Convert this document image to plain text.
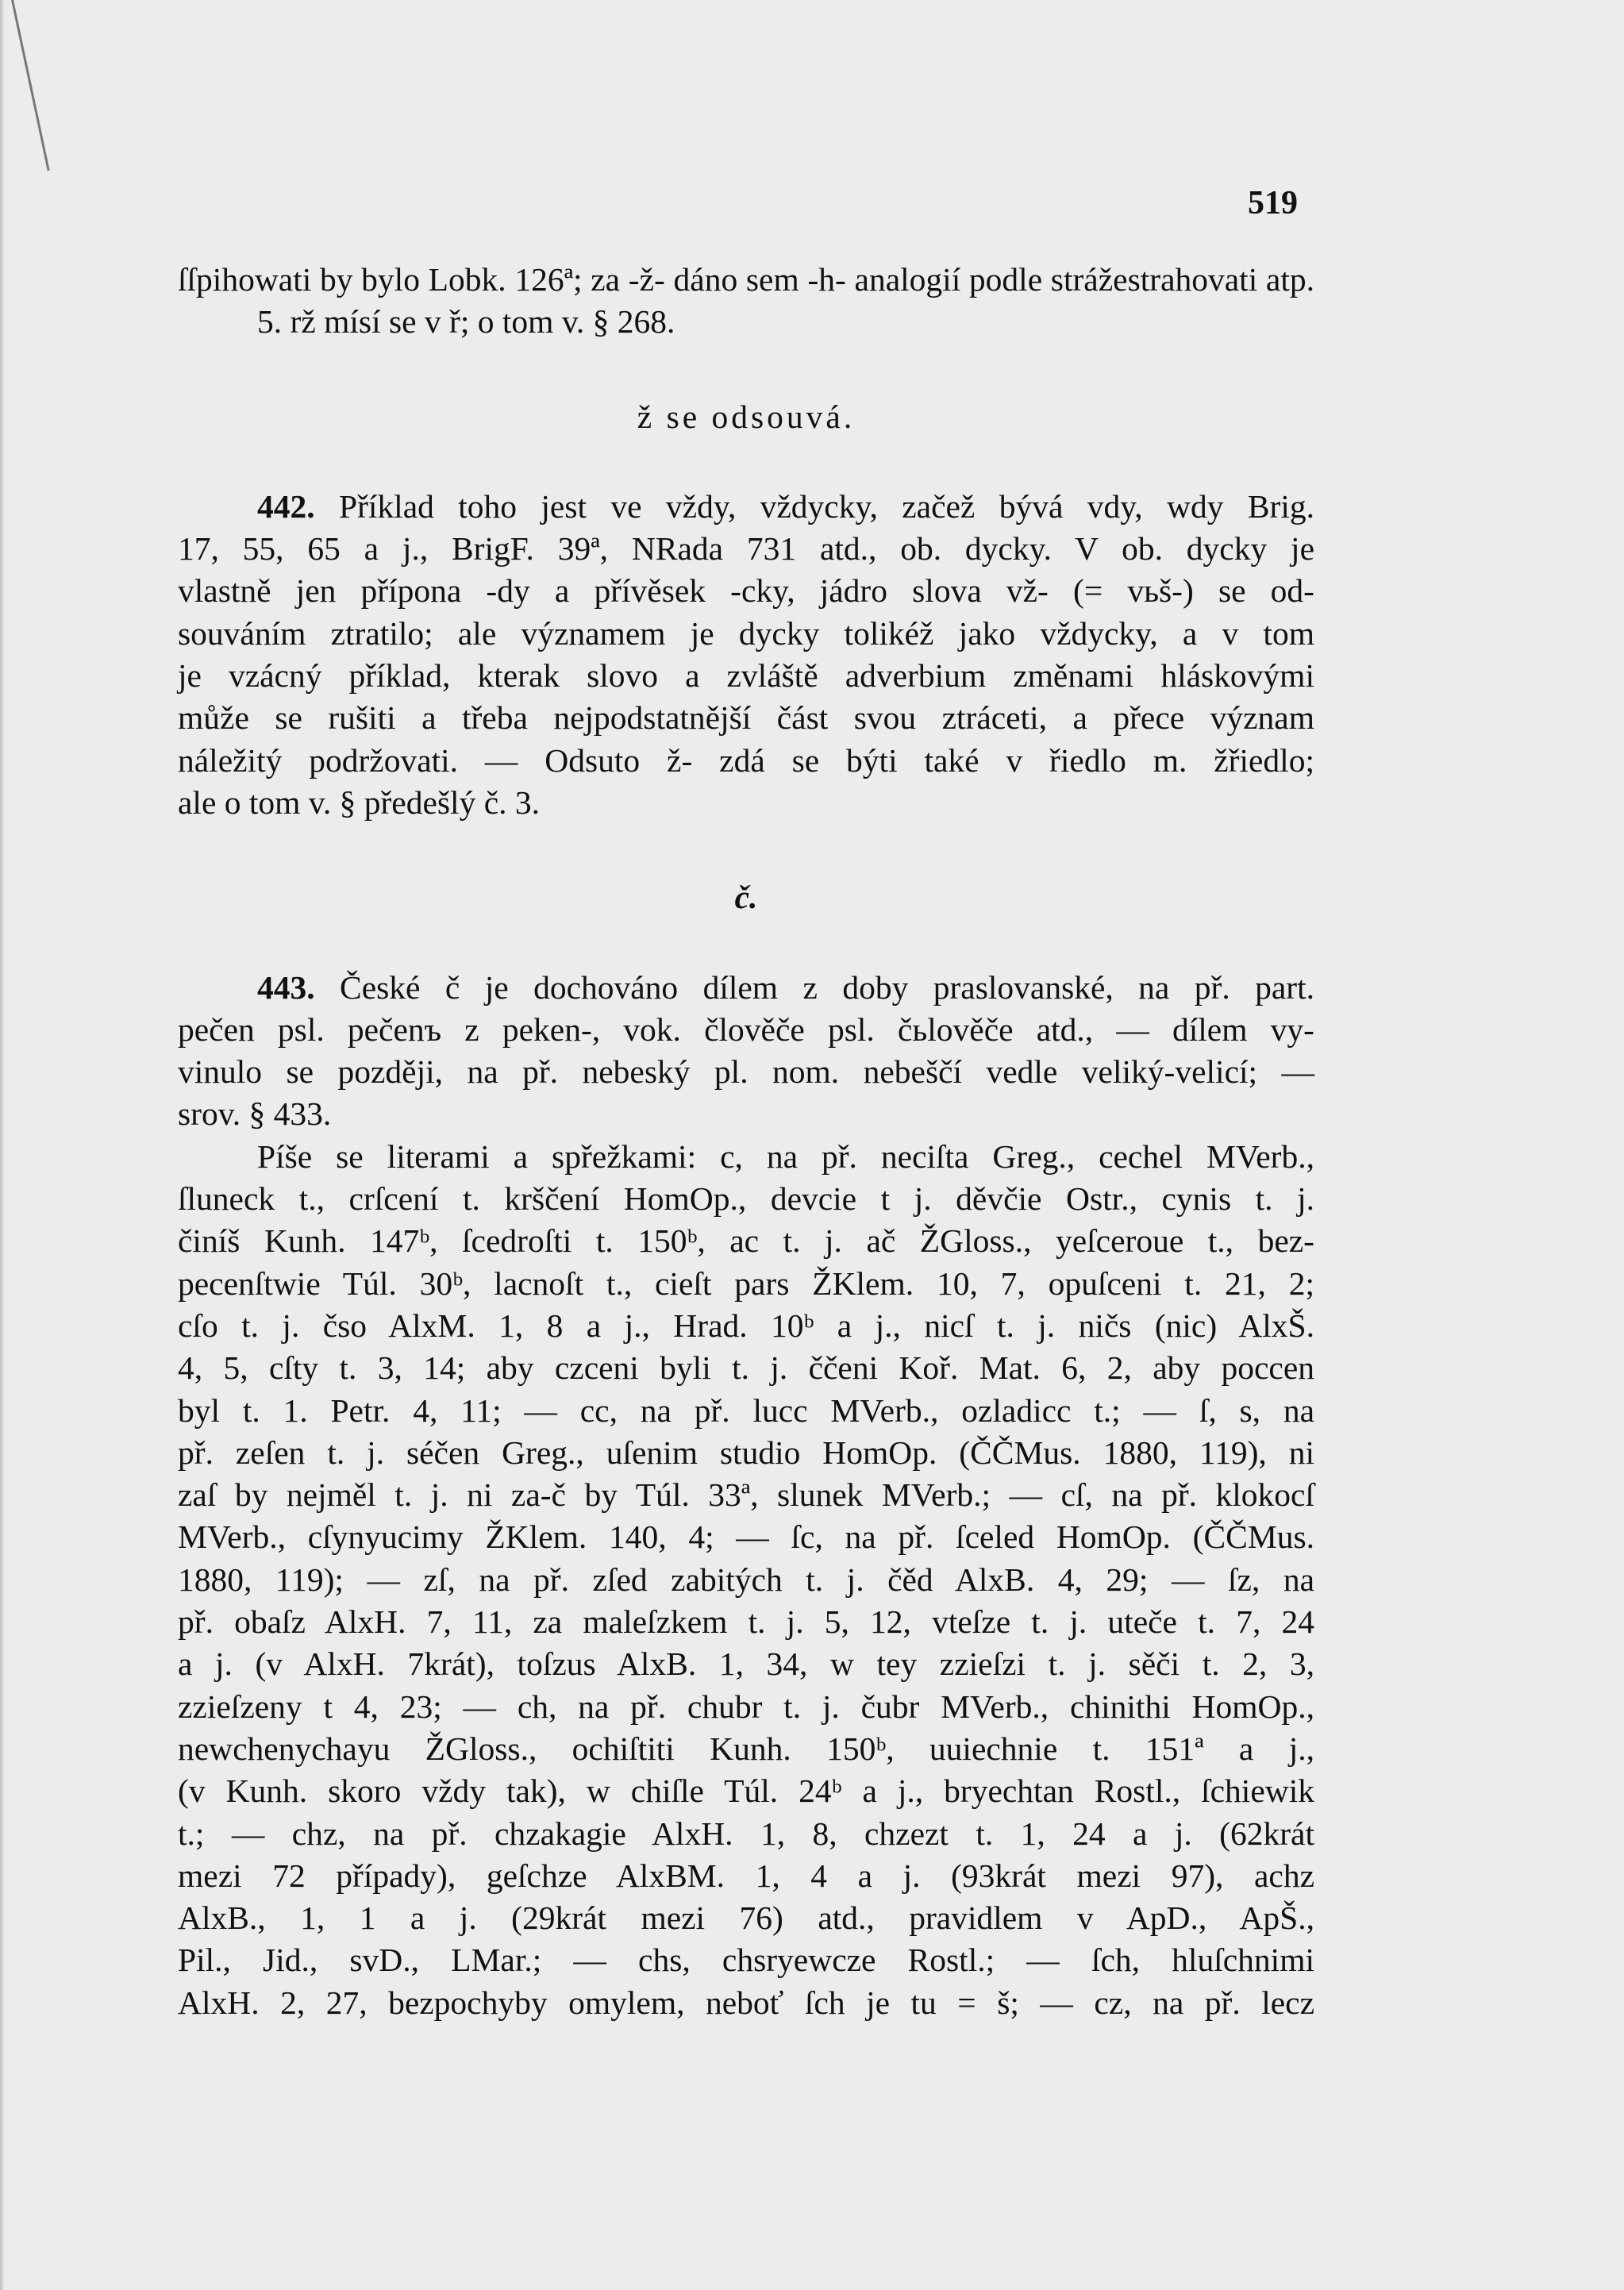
519
ſſpihowati by bylo Lobk. 126ª; za -ž- dáno sem -h- analogií podle strážestrahovati atp.
5. rž mísí se v ř; o tom v. § 268.
ž se odsouvá.
442. Příklad toho jest ve vždy, vždycky, začež bývá vdy, wdy Brig.
17, 55, 65 a j., BrigF. 39ª, NRada 731 atd., ob. dycky. V ob. dycky je
vlastně jen přípona -dy a přívěsek -cky, jádro slova vž- (= vьš-) se od-
souváním ztratilo; ale významem je dycky tolikéž jako vždycky, a v tom
je vzácný příklad, kterak slovo a zvláště adverbium změnami hláskovými
může se rušiti a třeba nejpodstatnější část svou ztráceti, a přece význam
náležitý podržovati. — Odsuto ž- zdá se býti také v řiedlo m. žřiedlo;
ale o tom v. § předešlý č. 3.
č.
443. České č je dochováno dílem z doby praslovanské, na př. part.
pečen psl. pečenъ z peken-, vok. člověče psl. čьlověče atd., — dílem vy-
vinulo se později, na př. nebeský pl. nom. nebeščí vedle veliký-velicí; —
srov. § 433.
Píše se literami a spřežkami: c, na př. neciſta Greg., cechel MVerb.,
ſluneck t., crſcení t. krščení HomOp., devcie t j. děvčie Ostr., cynis t. j.
činíš Kunh. 147ᵇ, ſcedroſti t. 150ᵇ, ac t. j. ač ŽGloss., yeſceroue t., bez-
pecenſtwie Túl. 30ᵇ, lacnoſt t., cieſt pars ŽKlem. 10, 7, opuſceni t. 21, 2;
cſo t. j. čso AlxM. 1, 8 a j., Hrad. 10ᵇ a j., nicſ t. j. ničs (nic) AlxŠ.
4, 5, cſty t. 3, 14; aby czceni byli t. j. ččeni Koř. Mat. 6, 2, aby poccen
byl t. 1. Petr. 4, 11; — cc, na př. lucc MVerb., ozladicc t.; — ſ, s, na
př. zeſen t. j. séčen Greg., uſenim studio HomOp. (ČČMus. 1880, 119), ni
zaſ by nejměl t. j. ni za-č by Túl. 33ª, slunek MVerb.; — cſ, na př. klokocſ
MVerb., cſynyucimy ŽKlem. 140, 4; — ſc, na př. ſceled HomOp. (ČČMus.
1880, 119); — zſ, na př. zſed zabitých t. j. čěd AlxB. 4, 29; — ſz, na
př. obaſz AlxH. 7, 11, za maleſzkem t. j. 5, 12, vteſze t. j. uteče t. 7, 24
a j. (v AlxH. 7krát), toſzus AlxB. 1, 34, w tey zzieſzi t. j. sěči t. 2, 3,
zzieſzeny t 4, 23; — ch, na př. chubr t. j. čubr MVerb., chinithi HomOp.,
newchenychayu ŽGloss., ochiſtiti Kunh. 150ᵇ, uuiechnie t. 151ª a j.,
(v Kunh. skoro vždy tak), w chiſle Túl. 24ᵇ a j., bryechtan Rostl., ſchiewik
t.; — chz, na př. chzakagie AlxH. 1, 8, chzezt t. 1, 24 a j. (62krát
mezi 72 případy), geſchze AlxBM. 1, 4 a j. (93krát mezi 97), achz
AlxB., 1, 1 a j. (29krát mezi 76) atd., pravidlem v ApD., ApŠ.,
Pil., Jid., svD., LMar.; — chs, chsryewcze Rostl.; — ſch, hluſchnimi
AlxH. 2, 27, bezpochyby omylem, neboť ſch je tu = š; — cz, na př. lecz
